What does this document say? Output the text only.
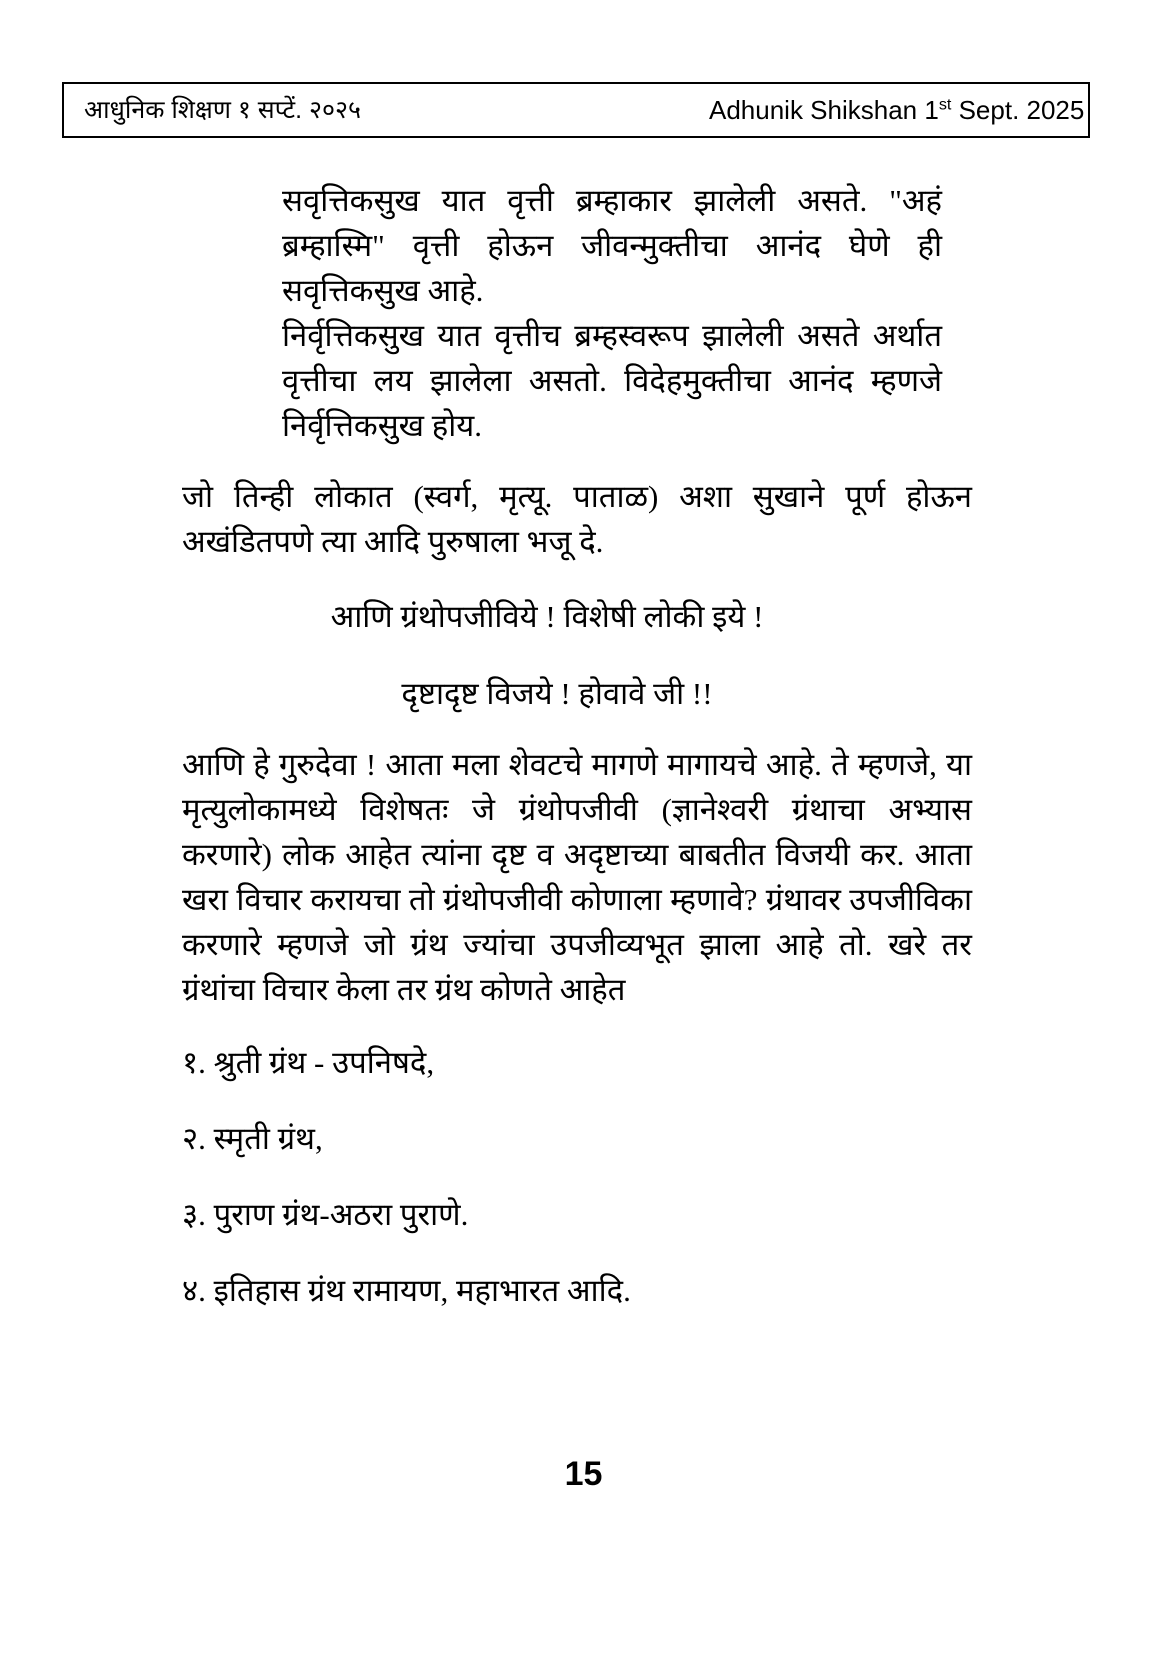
आधुनिक शिक्षण १ सप्टें. २०२५	Adhunik Shikshan 1st Sept. 2025

सवृत्तिकसुख यात वृत्ती ब्रम्हाकार झालेली असते. "अहं ब्रम्हास्मि" वृत्ती होऊन जीवन्मुक्तीचा आनंद घेणे ही सवृत्तिकसुख आहे.

निर्वृत्तिकसुख यात वृत्तीच ब्रम्हस्वरूप झालेली असते अर्थात वृत्तीचा लय झालेला असतो. विदेहमुक्तीचा आनंद म्हणजे निर्वृत्तिकसुख होय.

जो तिन्ही लोकात (स्वर्ग, मृत्यू. पाताळ) अशा सुखाने पूर्ण होऊन अखंडितपणे त्या आदि पुरुषाला भजू दे.

आणि ग्रंथोपजीविये ! विशेषी लोकी इये !

दृष्टादृष्ट विजये ! होवावे जी !!

आणि हे गुरुदेवा ! आता मला शेवटचे मागणे मागायचे आहे. ते म्हणजे, या मृत्युलोकामध्ये विशेषतः जे ग्रंथोपजीवी (ज्ञानेश्वरी ग्रंथाचा अभ्यास करणारे) लोक आहेत त्यांना दृष्ट व अदृष्टाच्या बाबतीत विजयी कर. आता खरा विचार करायचा तो ग्रंथोपजीवी कोणाला म्हणावे? ग्रंथावर उपजीविका करणारे म्हणजे जो ग्रंथ ज्यांचा उपजीव्यभूत झाला आहे तो. खरे तर ग्रंथांचा विचार केला तर ग्रंथ कोणते आहेत

१. श्रुती ग्रंथ - उपनिषदे,

२. स्मृती ग्रंथ,

३. पुराण ग्रंथ-अठरा पुराणे.

४. इतिहास ग्रंथ रामायण, महाभारत आदि.

15
